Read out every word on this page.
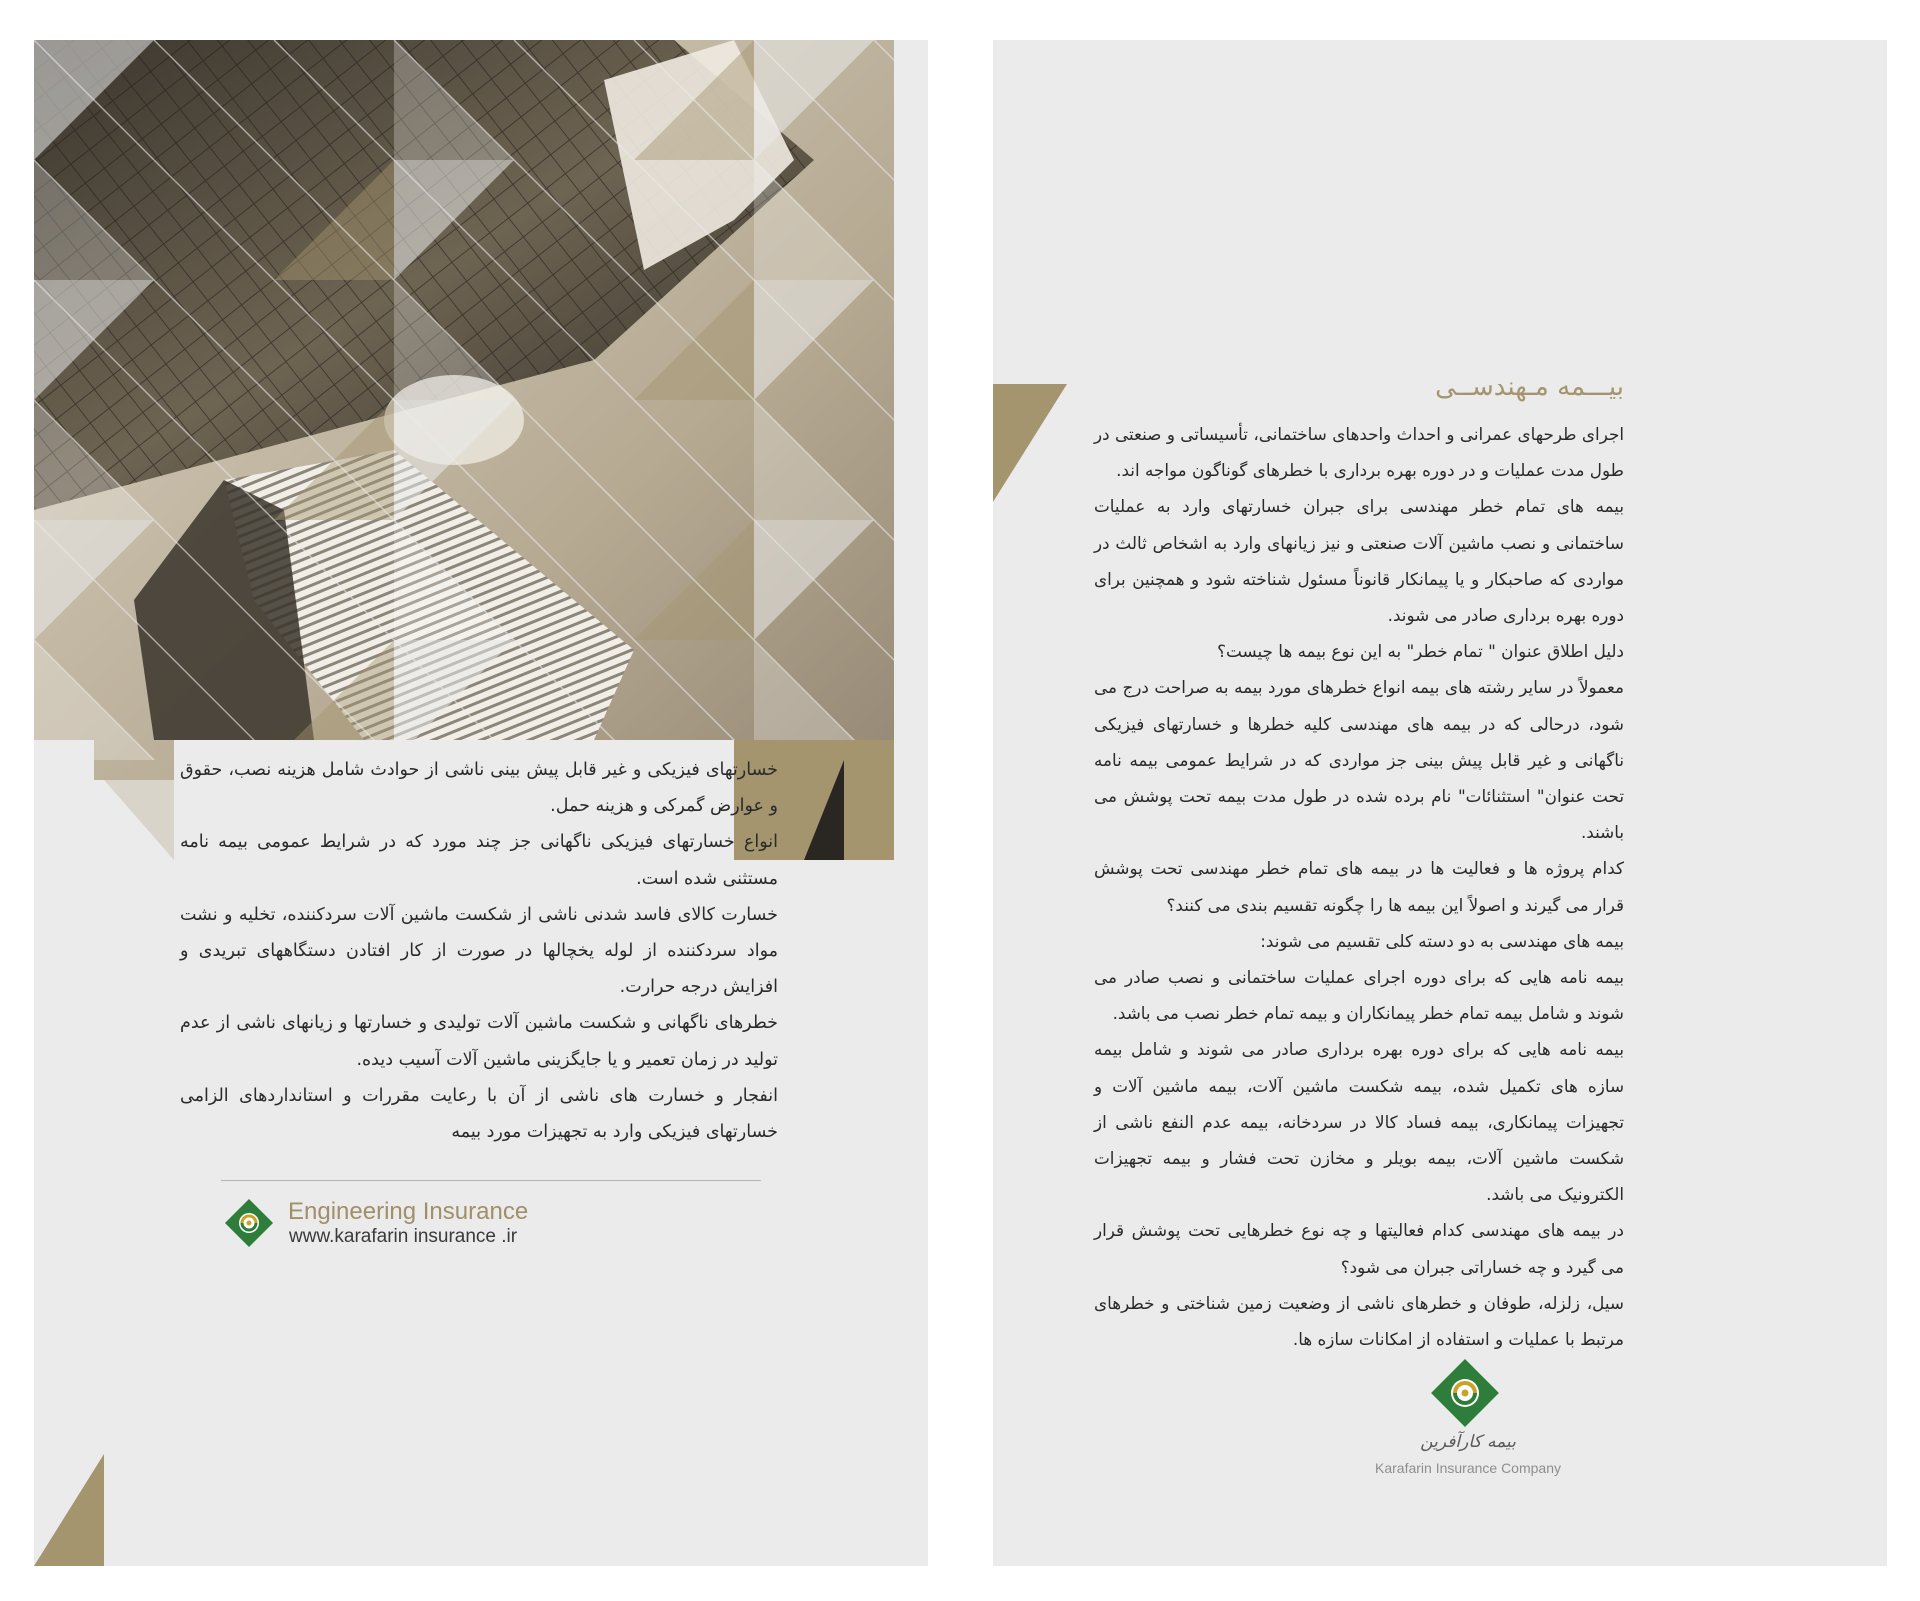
خسارتهای فیزیکی و غیر قابل پیش بینی ناشی از حوادث شامل هزینه نصب، حقوق و عوارض گمرکی و هزینه حمل.

انواع خسارتهای فیزیکی ناگهانی جز چند مورد که در شرایط عمومی بیمه نامه مستثنی شده است.

خسارت کالای فاسد شدنی ناشی از شکست ماشین آلات سردکننده، تخلیه و نشت مواد سردکننده از لوله یخچالها در صورت از کار افتادن دستگاههای تبریدی و افزایش درجه حرارت.

خطرهای ناگهانی و شکست ماشین آلات تولیدی و خسارتها و زیانهای ناشی از عدم تولید در زمان تعمیر و یا جایگزینی ماشین آلات آسیب دیده.

انفجار و خسارت های ناشی از آن با رعایت مقررات و استانداردهای الزامی خسارتهای فیزیکی وارد به تجهیزات مورد بیمه

Engineering Insurance
www.karafarin insurance .ir
بیـــمه مـهندســی

اجرای طرحهای عمرانی و احداث واحدهای ساختمانی، تأسیساتی و صنعتی در طول مدت عملیات و در دوره بهره برداری با خطرهای گوناگون مواجه اند.

بیمه های تمام خطر مهندسی برای جبران خسارتهای وارد به عملیات ساختمانی و نصب ماشین آلات صنعتی و نیز زیانهای وارد به اشخاص ثالث در مواردی که صاحبکار و یا پیمانکار قانوناً مسئول شناخته شود و همچنین برای دوره بهره برداری صادر می شوند.

دلیل اطلاق عنوان " تمام خطر" به این نوع بیمه ها چیست؟

معمولاً در سایر رشته های بیمه انواع خطرهای مورد بیمه به صراحت درج می شود، درحالی که در بیمه های مهندسی کلیه خطرها و خسارتهای فیزیکی ناگهانی و غیر قابل پیش بینی جز مواردی که در شرایط عمومی بیمه نامه تحت عنوان" استثنائات" نام برده شده در طول مدت بیمه تحت پوشش می باشند.

کدام پروژه ها و فعالیت ها در بیمه های تمام خطر مهندسی تحت پوشش قرار می گیرند و اصولاً این بیمه ها را چگونه تقسیم بندی می کنند؟

بیمه های مهندسی به دو دسته کلی تقسیم می شوند:

بیمه نامه هایی که برای دوره اجرای عملیات ساختمانی و نصب صادر می شوند و شامل بیمه تمام خطر پیمانکاران و بیمه تمام خطر نصب می باشد.

بیمه نامه هایی که برای دوره بهره برداری صادر می شوند و شامل بیمه سازه های تکمیل شده، بیمه شکست ماشین آلات، بیمه ماشین آلات و تجهیزات پیمانکاری، بیمه فساد کالا در سردخانه، بیمه عدم النفع ناشی از شکست ماشین آلات، بیمه بویلر و مخازن تحت فشار و بیمه تجهیزات الکترونیک می باشد.

در بیمه های مهندسی کدام فعالیتها و چه نوع خطرهایی تحت پوشش قرار می گیرد و چه خساراتی جبران می شود؟

سیل، زلزله، طوفان و خطرهای ناشی از وضعیت زمین شناختی و خطرهای مرتبط با عملیات و استفاده از امکانات سازه ها.

بیمه کارآفرین
Karafarin Insurance Company
